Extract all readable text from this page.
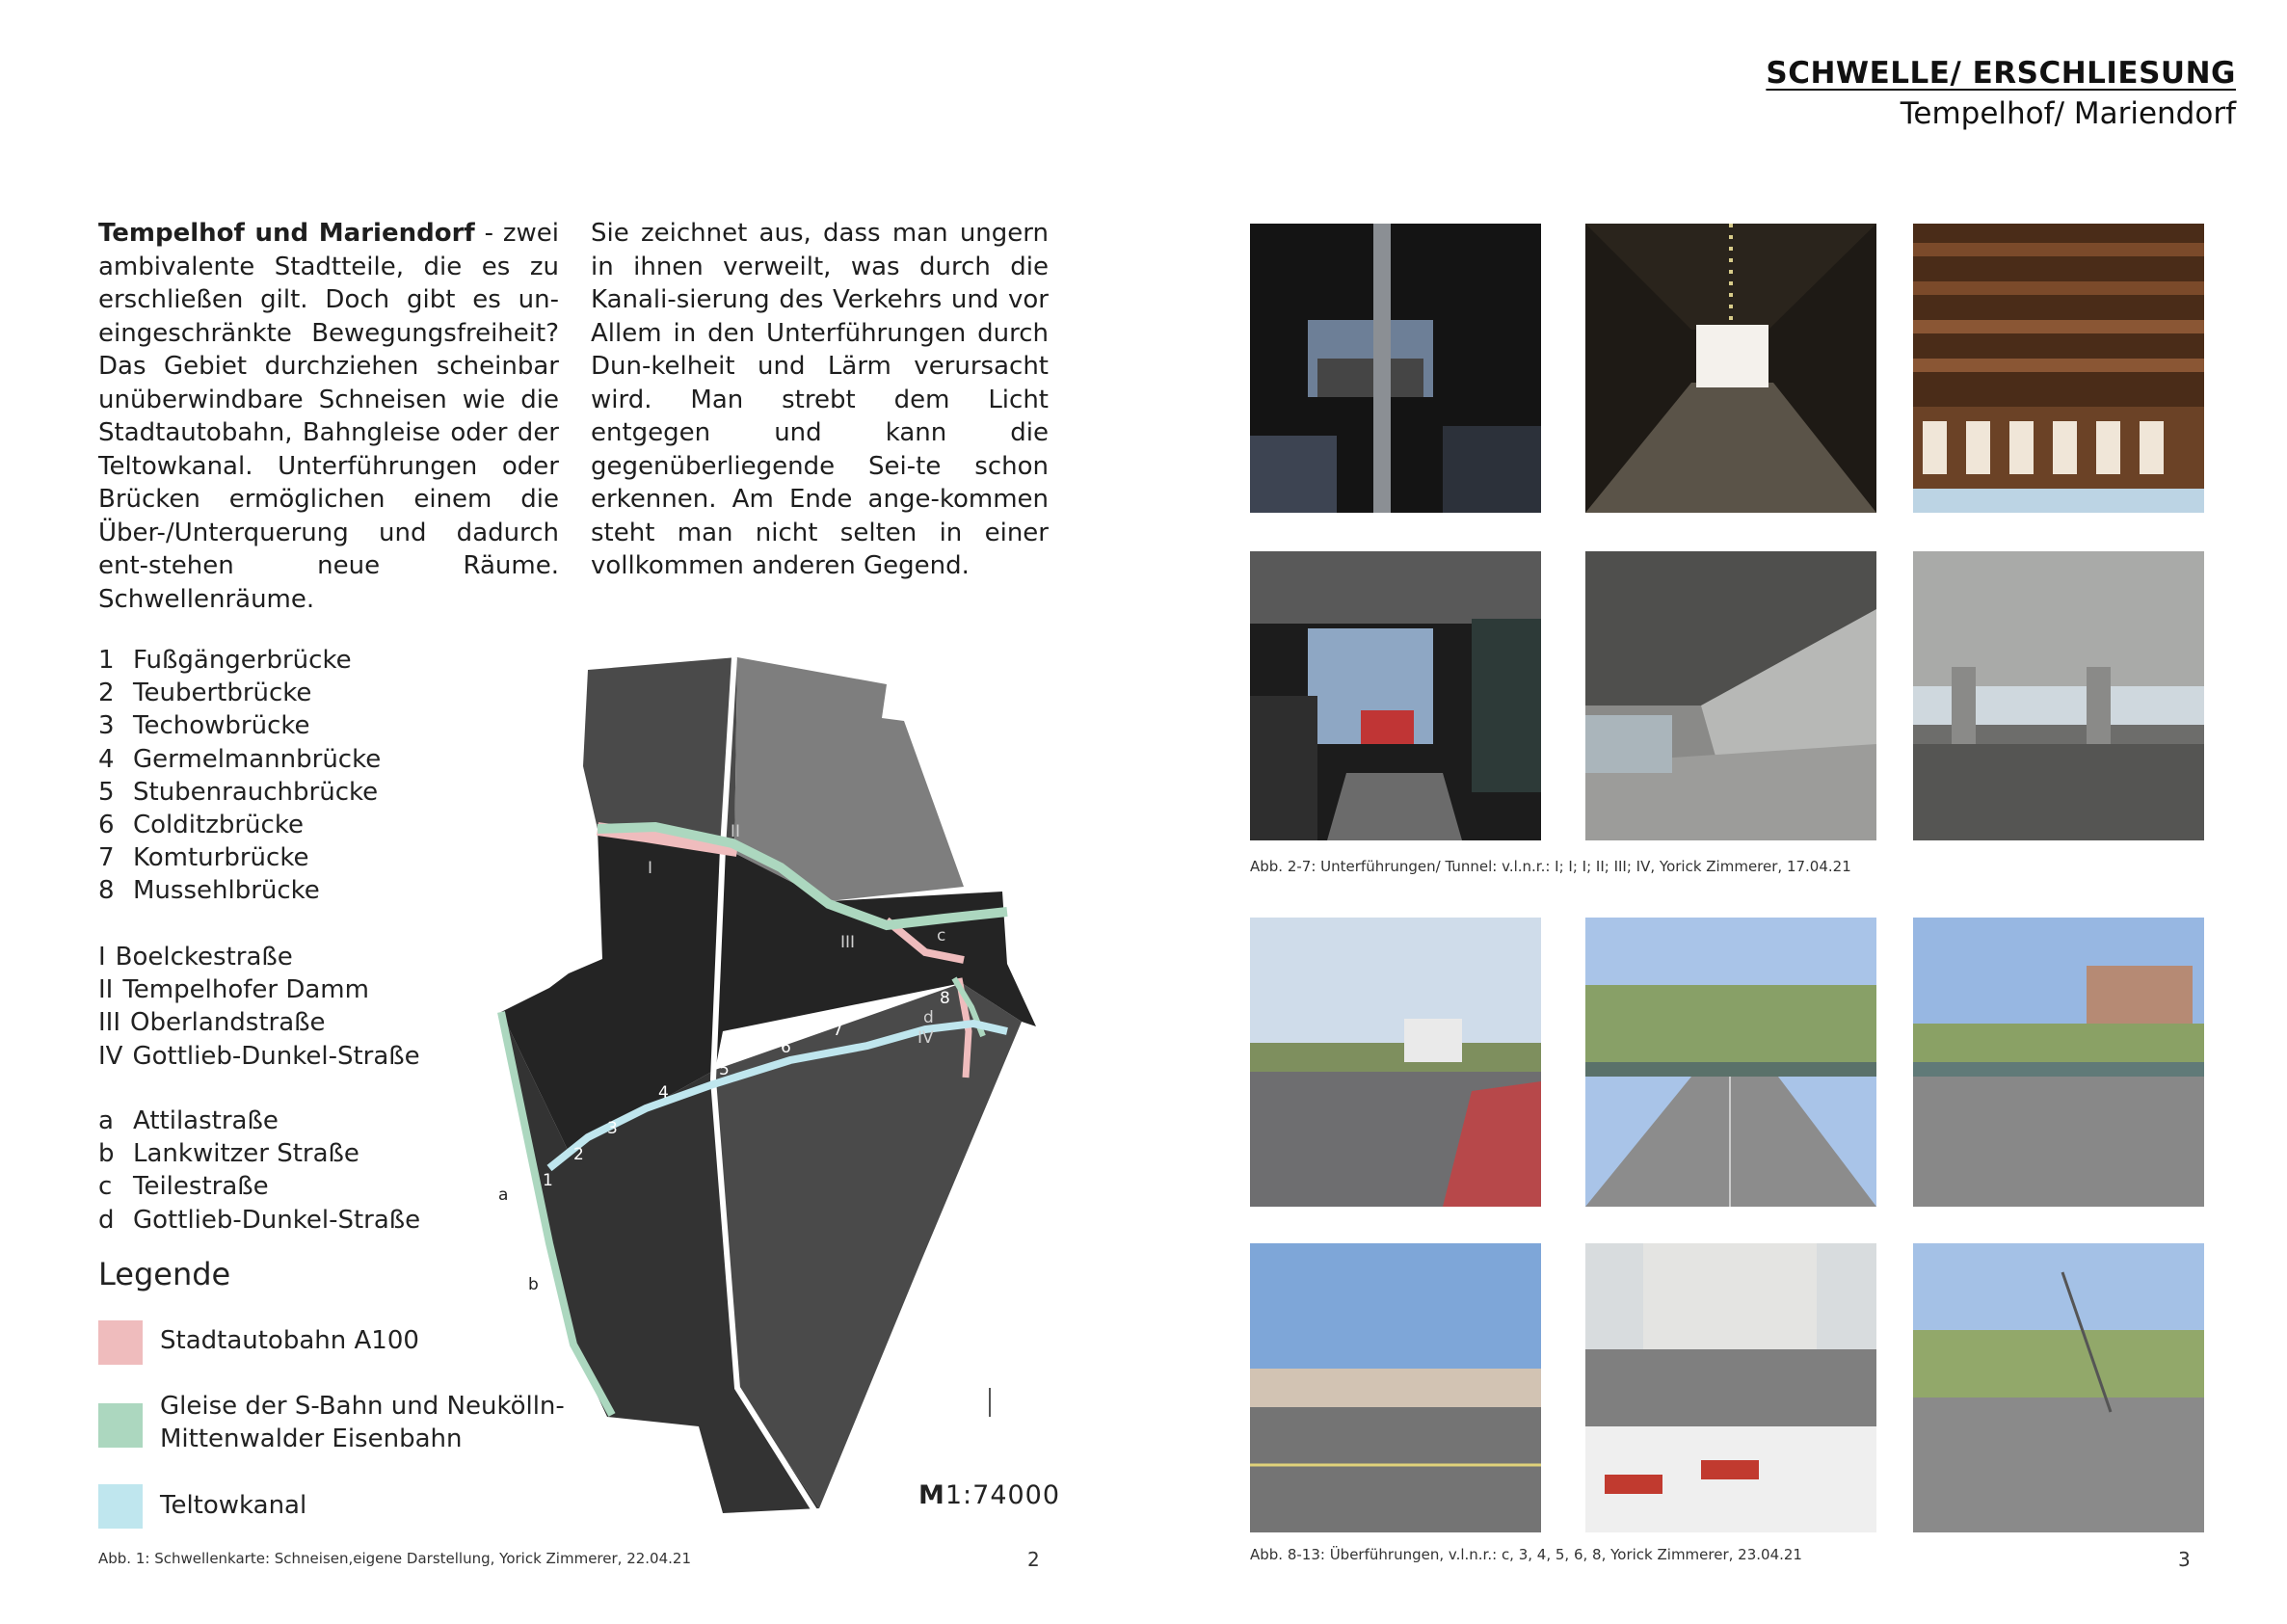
SCHWELLE/ ERSCHLIESUNG
Tempelhof/ Mariendorf
Tempelhof und Mariendorf - zwei ambivalente Stadtteile, die es zu erschließen gilt. Doch gibt es un-eingeschränkte Bewegungsfreiheit? Das Gebiet durchziehen scheinbar unüberwindbare Schneisen wie die Stadtautobahn, Bahngleise oder der Teltowkanal. Unterführungen oder Brücken ermöglichen einem die Über-/Unterquerung und dadurch ent-stehen neue Räume. Schwellenräume.
Sie zeichnet aus, dass man ungern in ihnen verweilt, was durch die Kanali-sierung des Verkehrs und vor Allem in den Unterführungen durch Dun-kelheit und Lärm verursacht wird. Man strebt dem Licht entgegen und kann die gegenüberliegende Sei-te schon erkennen. Am Ende ange-kommen steht man nicht selten in einer vollkommen anderen Gegend.
1 Fußgängerbrücke
2 Teubertbrücke
3 Techowbrücke
4 Germelmannbrücke
5 Stubenrauchbrücke
6 Colditzbrücke
7 Komturbrücke
8 Mussehlbrücke
I Boelckestraße
II Tempelhofer Damm
III Oberlandstraße
IV Gottlieb-Dunkel-Straße
a Attilastraße
b Lankwitzer Straße
c Teilestraße
d Gottlieb-Dunkel-Straße
Legende
Stadtautobahn A100
Gleise der S-Bahn und Neukölln-Mittenwalder Eisenbahn
Teltowkanal
a
b
c
d
I
II
III
IV
1
2
3
4
5
6
7
8
M1:74000
Abb. 1: Schwellenkarte: Schneisen,eigene Darstellung, Yorick Zimmerer, 22.04.21	2
Abb. 2-7: Unterführungen/ Tunnel: v.l.n.r.: I; I; I; II; III; IV, Yorick Zimmerer, 17.04.21
Abb. 8-13: Überführungen, v.l.n.r.: c, 3, 4, 5, 6, 8, Yorick Zimmerer, 23.04.21	3
